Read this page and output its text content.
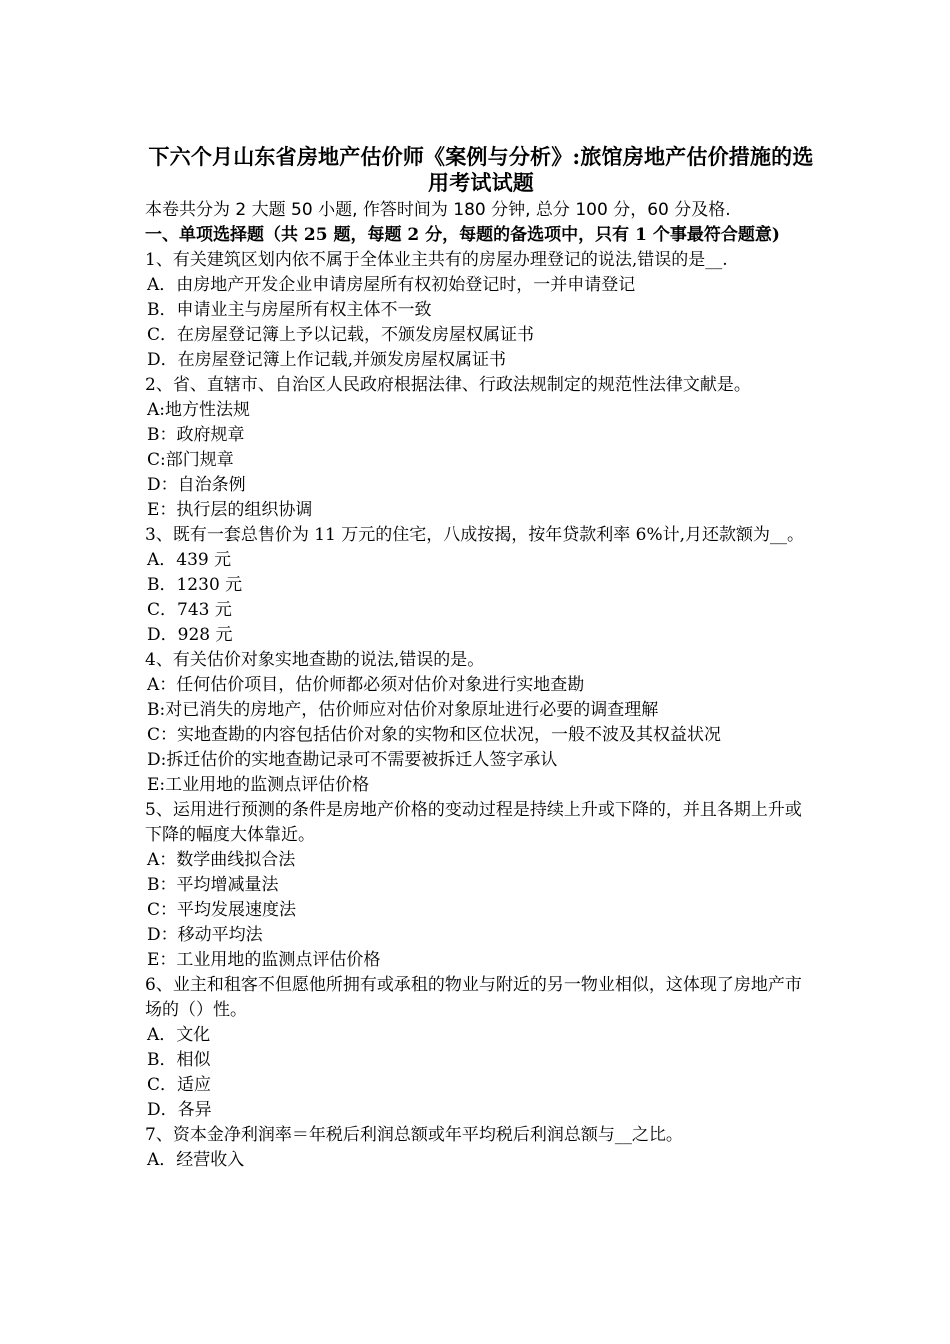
下六个月山东省房地产估价师《案例与分析》:旅馆房地产估价措施的选用考试试题
本卷共分为 2 大题 50 小题, 作答时间为 180 分钟, 总分 100 分，60 分及格.
一、单项选择题（共 25 题，每题 2 分，每题的备选项中，只有 1 个事最符合题意)
1、有关建筑区划内依不属于全体业主共有的房屋办理登记的说法,错误的是__.
A．由房地产开发企业申请房屋所有权初始登记时，一并申请登记
B．申请业主与房屋所有权主体不一致
C．在房屋登记簿上予以记载，不颁发房屋权属证书
D．在房屋登记簿上作记载,并颁发房屋权属证书
2、省、直辖市、自治区人民政府根据法律、行政法规制定的规范性法律文献是。
A:地方性法规
B：政府规章
C:部门规章
D：自治条例
E：执行层的组织协调
3、既有一套总售价为 11 万元的住宅，八成按揭，按年贷款利率 6%计,月还款额为__。
A．439 元
B．1230 元
C．743 元
D．928 元
4、有关估价对象实地查勘的说法,错误的是。
A：任何估价项目，估价师都必须对估价对象进行实地查勘
B:对已消失的房地产，估价师应对估价对象原址进行必要的调查理解
C：实地查勘的内容包括估价对象的实物和区位状况，一般不波及其权益状况
D:拆迁估价的实地查勘记录可不需要被拆迁人签字承认
E:工业用地的监测点评估价格
5、运用进行预测的条件是房地产价格的变动过程是持续上升或下降的，并且各期上升或下降的幅度大体靠近。
A：数学曲线拟合法
B：平均增减量法
C：平均发展速度法
D：移动平均法
E：工业用地的监测点评估价格
6、业主和租客不但愿他所拥有或承租的物业与附近的另一物业相似，这体现了房地产市场的（）性。
A．文化
B．相似
C．适应
D．各异
7、资本金净利润率＝年税后利润总额或年平均税后利润总额与__之比。
A．经营收入
